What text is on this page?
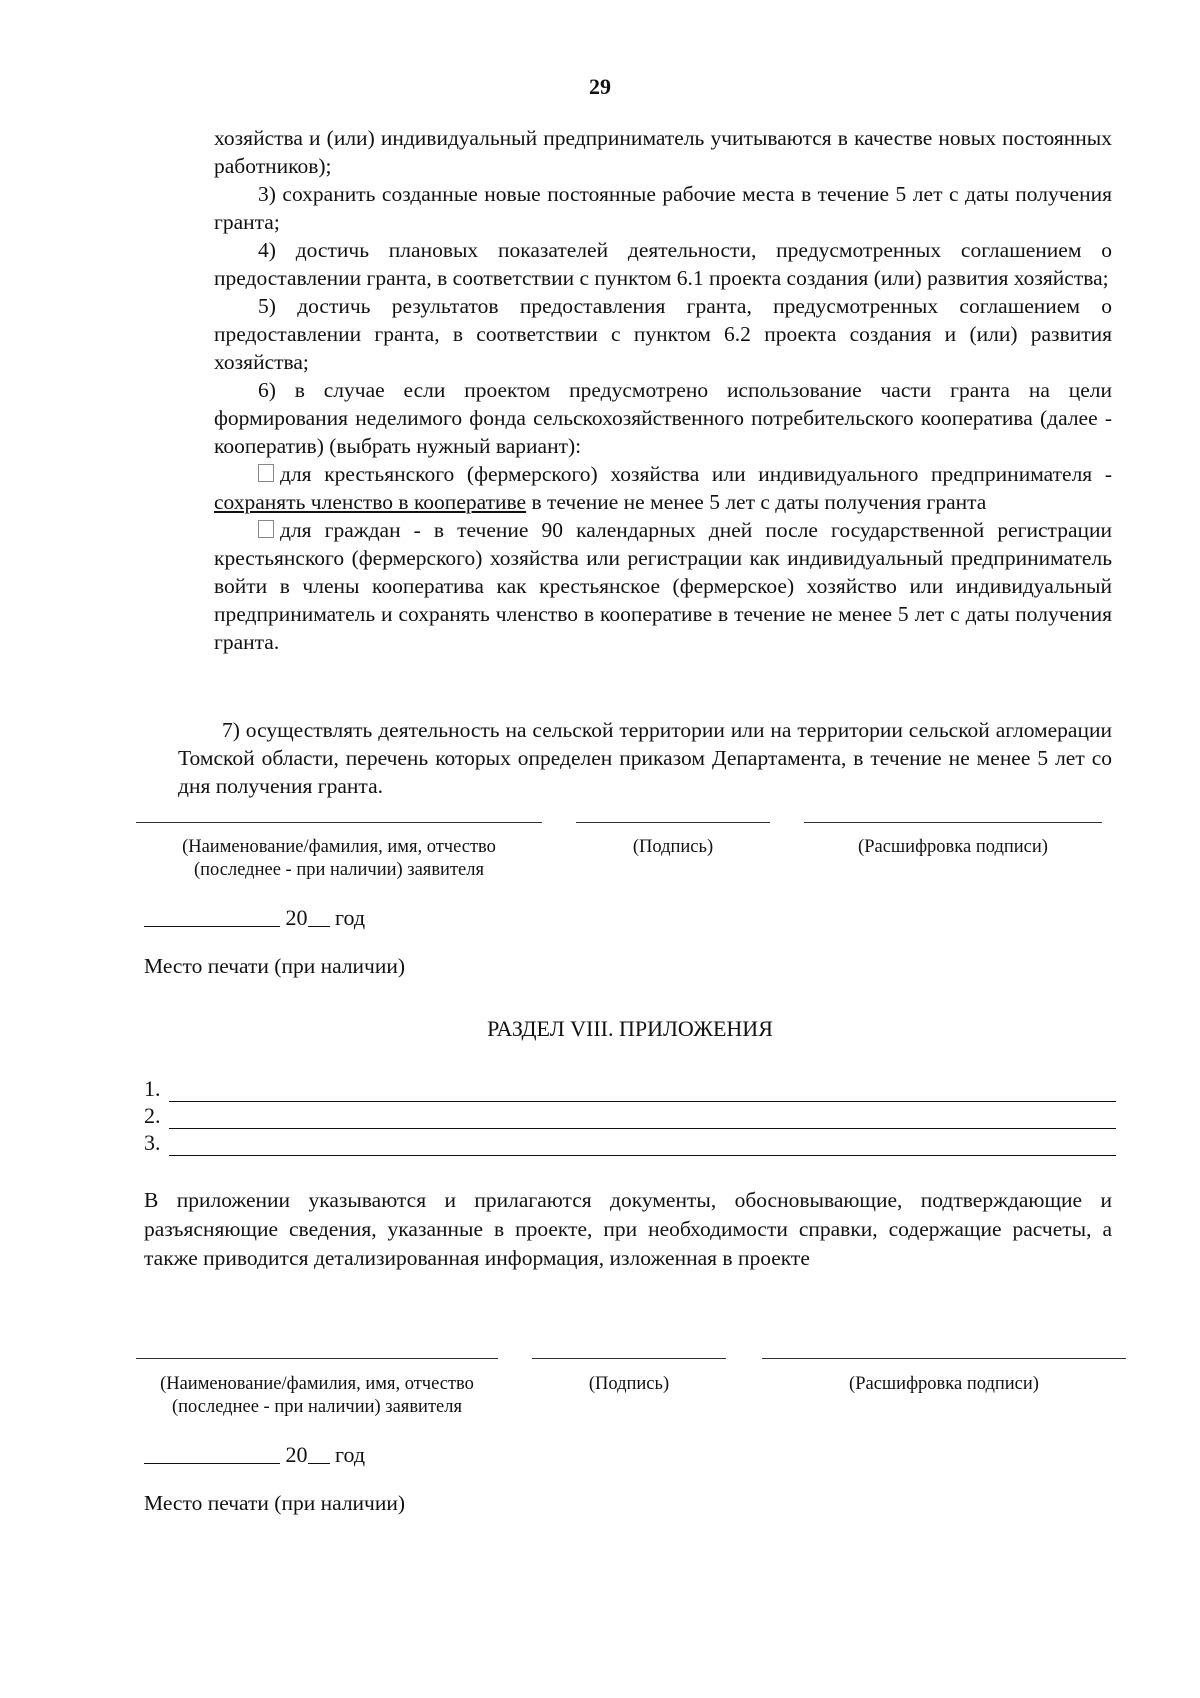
29

хозяйства и (или) индивидуальный предприниматель учитываются в качестве новых постоянных работников);

3) сохранить созданные новые постоянные рабочие места в течение 5 лет с даты получения гранта;

4) достичь плановых показателей деятельности, предусмотренных соглашением о предоставлении гранта, в соответствии с пунктом 6.1 проекта создания (или) развития хозяйства;

5) достичь результатов предоставления гранта, предусмотренных соглашением о предоставлении гранта, в соответствии с пунктом 6.2 проекта создания и (или) развития хозяйства;

6) в случае если проектом предусмотрено использование части гранта на цели формирования неделимого фонда сельскохозяйственного потребительского кооператива (далее - кооператив) (выбрать нужный вариант):

для крестьянского (фермерского) хозяйства или индивидуального предпринимателя - сохранять членство в кооперативе в течение не менее 5 лет с даты получения гранта

для граждан - в течение 90 календарных дней после государственной регистрации крестьянского (фермерского) хозяйства или регистрации как индивидуальный предприниматель войти в члены кооператива как крестьянское (фермерское) хозяйство или индивидуальный предприниматель и сохранять членство в кооперативе в течение не менее 5 лет с даты получения гранта.

7) осуществлять деятельность на сельской территории или на территории сельской агломерации Томской области, перечень которых определен приказом Департамента, в течение не менее 5 лет со дня получения гранта.
(Наименование/фамилия, имя, отчество
(последнее - при наличии) заявителя
(Подпись)	(Расшифровка подписи)
20 год
Место печати (при наличии)
РАЗДЕЛ VIII. ПРИЛОЖЕНИЯ
1.
2.
3.
В приложении указываются и прилагаются документы, обосновывающие, подтверждающие и разъясняющие сведения, указанные в проекте, при необходимости справки, содержащие расчеты, а также приводится детализированная информация, изложенная в проекте
(Наименование/фамилия, имя, отчество
(последнее - при наличии) заявителя
(Подпись)	(Расшифровка подписи)
20 год
Место печати (при наличии)
